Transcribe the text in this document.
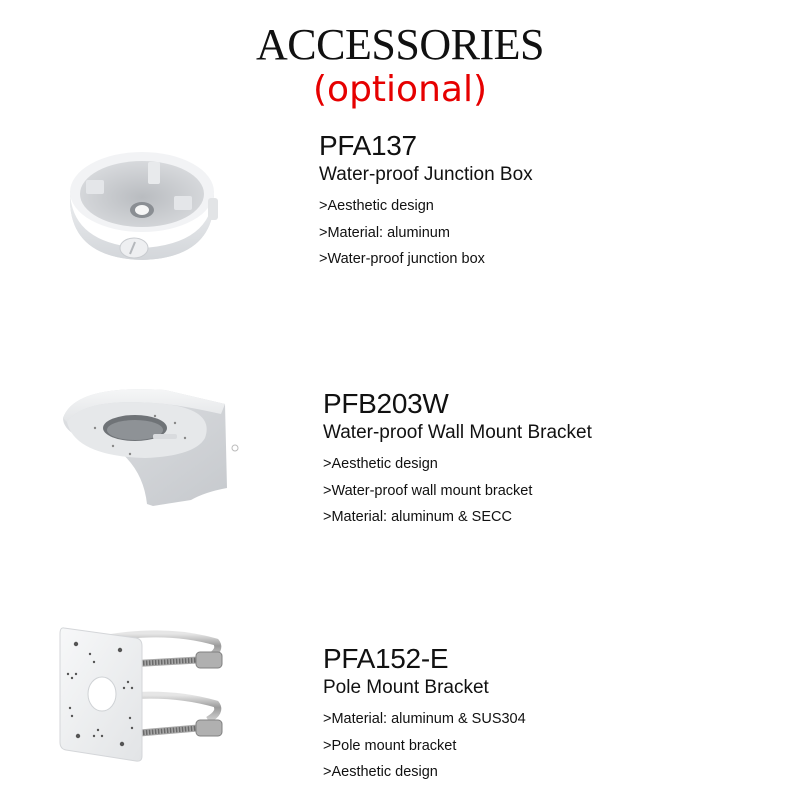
ACCESSORIES
(optional)
PFA137
Water-proof Junction Box
>Aesthetic design
>Material: aluminum
>Water-proof junction box
PFB203W
Water-proof Wall Mount Bracket
>Aesthetic design
>Water-proof wall mount bracket
>Material: aluminum & SECC
PFA152-E
Pole Mount Bracket
>Material: aluminum & SUS304
>Pole mount bracket
>Aesthetic design
